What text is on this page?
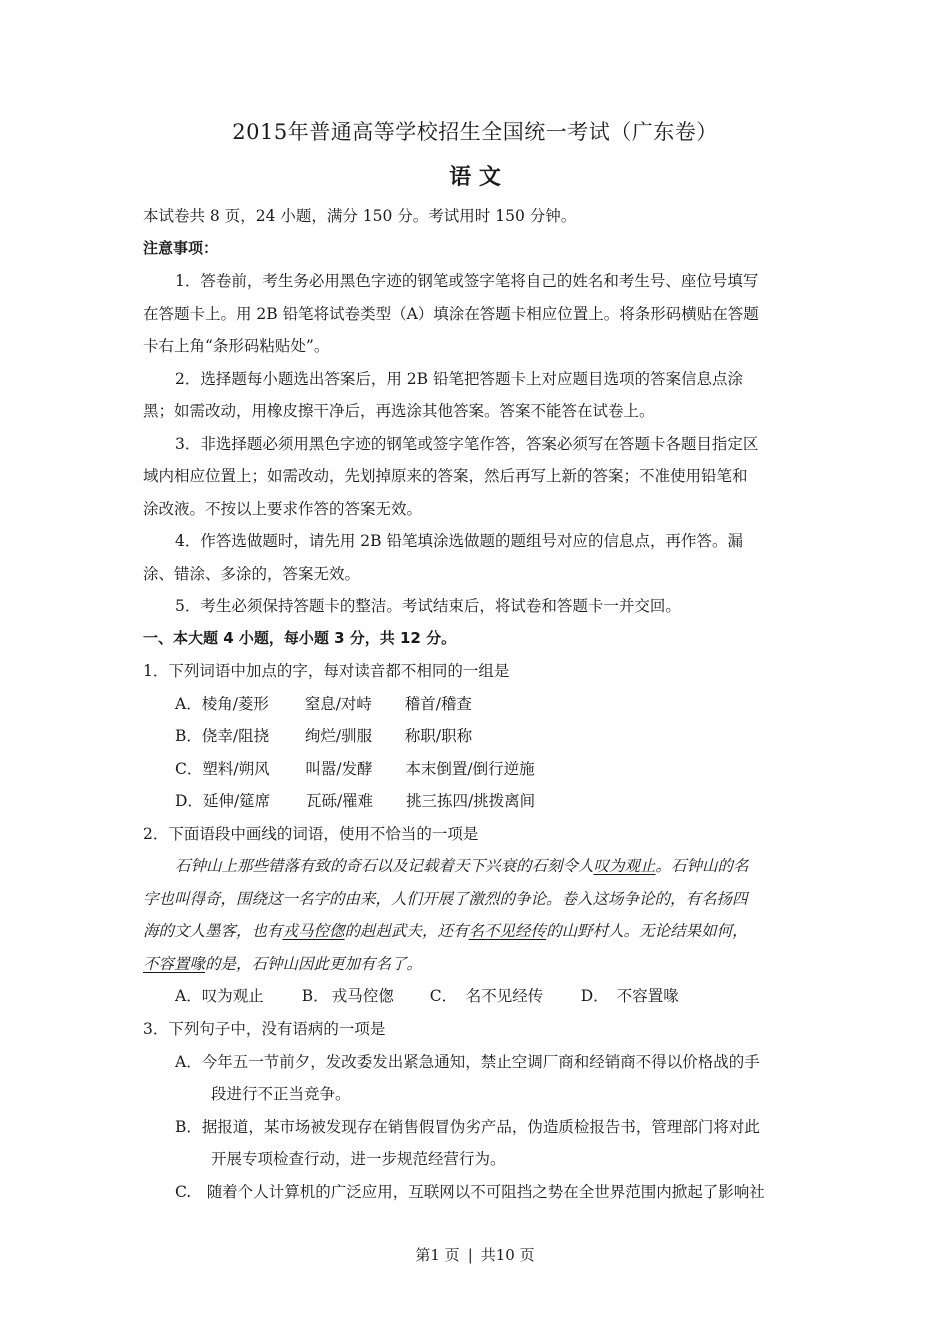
2015年普通高等学校招生全国统一考试（广东卷）
语 文
本试卷共 8 页，24 小题，满分 150 分。考试用时 150 分钟。
注意事项：
1．答卷前，考生务必用黑色字迹的钢笔或签字笔将自己的姓名和考生号、座位号填写
在答题卡上。用 2B 铅笔将试卷类型（A）填涂在答题卡相应位置上。将条形码横贴在答题
卡右上角“条形码粘贴处”。
2．选择题每小题选出答案后，用 2B 铅笔把答题卡上对应题目选项的答案信息点涂
黑；如需改动，用橡皮擦干净后，再选涂其他答案。答案不能答在试卷上。
3．非选择题必须用黑色字迹的钢笔或签字笔作答，答案必须写在答题卡各题目指定区
域内相应位置上；如需改动，先划掉原来的答案，然后再写上新的答案；不准使用铅笔和
涂改液。不按以上要求作答的答案无效。
4．作答选做题时，请先用 2B 铅笔填涂选做题的题组号对应的信息点，再作答。漏
涂、错涂、多涂的，答案无效。
5．考生必须保持答题卡的整洁。考试结束后，将试卷和答题卡一并交回。
一、本大题 4 小题，每小题 3 分，共 12 分。
1．下列词语中加点的字，每对读音都不相同的一组是
A．棱角/菱形 窒息/对峙 稽首/稽查
B．侥幸/阻挠 绚烂/驯服 称职/职称
C．塑料/朔风 叫嚣/发酵 本末倒置/倒行逆施
D．延伸/筵席 瓦砾/罹难 挑三拣四/挑拨离间
2．下面语段中画线的词语，使用不恰当的一项是
石钟山上那些错落有致的奇石以及记载着天下兴衰的石刻令人叹为观止。石钟山的名
字也叫得奇，围绕这一名字的由来，人们开展了激烈的争论。卷入这场争论的，有名扬四
海的文人墨客，也有戎马倥偬的赳赳武夫，还有名不见经传的山野村人。无论结果如何，
不容置喙的是，石钟山因此更加有名了。
A．叹为观止 B． 戎马倥偬 C． 名不见经传 D． 不容置喙
3．下列句子中，没有语病的一项是
A．今年五一节前夕，发改委发出紧急通知，禁止空调厂商和经销商不得以价格战的手
段进行不正当竞争。
B．据报道，某市场被发现存在销售假冒伪劣产品，伪造质检报告书，管理部门将对此
开展专项检查行动，进一步规范经营行为。
C.　随着个人计算机的广泛应用，互联网以不可阻挡之势在全世界范围内掀起了影响社
第1 页 | 共10 页
